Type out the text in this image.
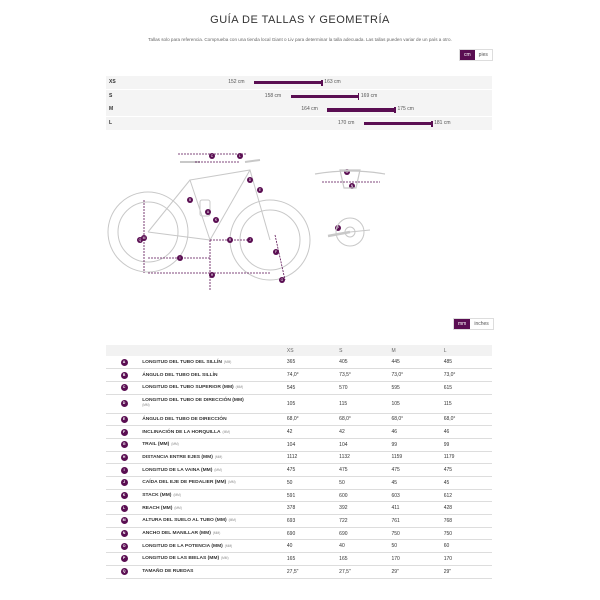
GUÍA DE TALLAS Y GEOMETRÍA
Tallas solo para referencia. Comprueba con una tienda local Giant o Liv para determinar la talla adecuada. Las tallas pueden variar de un país a otro.
cm	pies
XS	152 cm	163 cm
S	158 cm	169 cm
M	164 cm	175 cm
L	170 cm	181 cm
A
B
C
D
E
F
G
H
I
J
K
L
M
N
O
P
Q	R
mm	inches
		XS	S	M	L
A	LONGITUD DEL TUBO DEL SILLÍN (MM)	365	405	445	485
B	ÁNGULO DEL TUBO DEL SILLÍN	74,0°	73,5°	73,0°	73,0°
C	LONGITUD DEL TUBO SUPERIOR (MM) (MM)	545	570	595	615
D	LONGITUD DEL TUBO DE DIRECCIÓN (MM)
(MM)	105	115	105	115
E	ÁNGULO DEL TUBO DE DIRECCIÓN	68,0°	68,0°	68,0°	68,0°
F	INCLINACIÓN DE LA HORQUILLA (MM)	42	42	46	46
G	TRAIL (MM) (MM)	104	104	99	99
H	DISTANCIA ENTRE EJES (MM) (MM)	1112	1132	1159	1179
I	LONGITUD DE LA VAINA (MM) (MM)	475	475	475	475
J	CAÍDA DEL EJE DE PEDALIER (MM) (MM)	50	50	45	45
K	STACK (MM) (MM)	591	600	603	612
L	REACH (MM) (MM)	378	392	411	428
M	ALTURA DEL SUELO AL TUBO (MM) (MM)	693	722	761	768
N	ANCHO DEL MANILLAR (MM) (MM)	690	690	750	750
O	LONGITUD DE LA POTENCIA (MM) (MM)	40	40	50	60
P	LONGITUD DE LAS BIELAS (MM) (MM)	165	165	170	170
Q	TAMAÑO DE RUEDAS	27,5"	27,5"	29"	29"
